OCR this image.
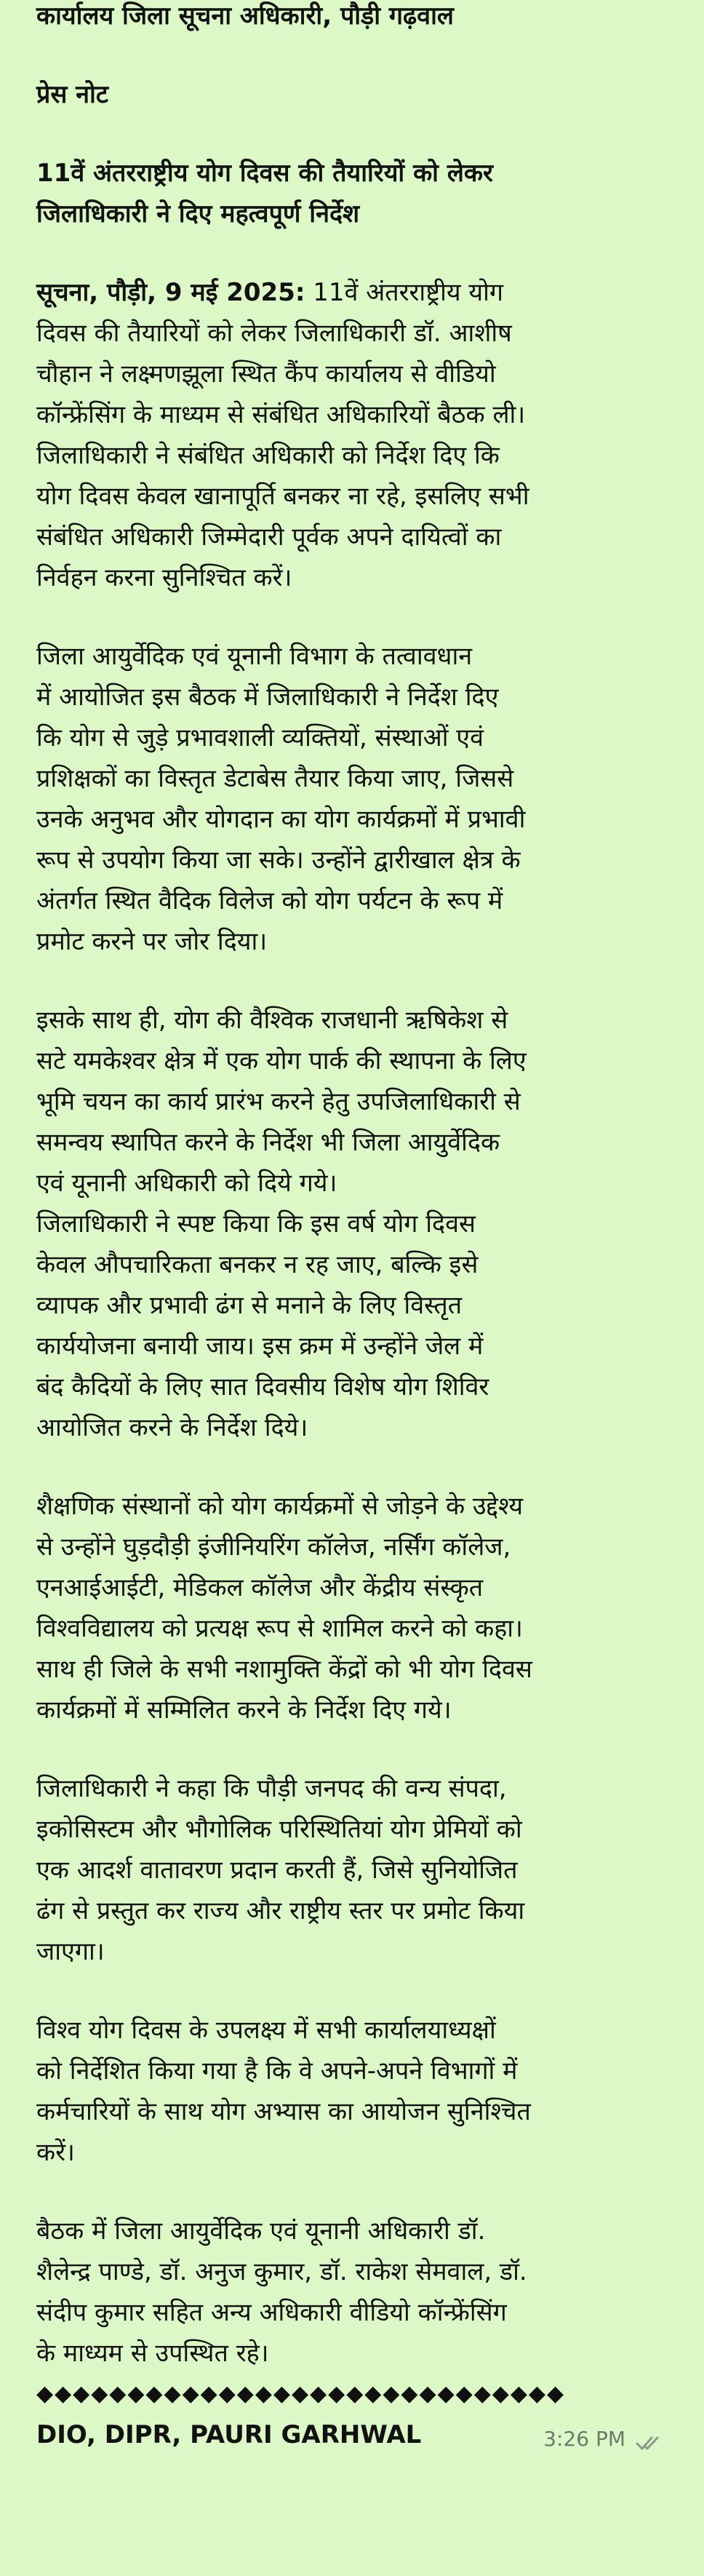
कार्यालय जिला सूचना अधिकारी, पौड़ी गढ़वाल
प्रेस नोट
11वें अंतरराष्ट्रीय योग दिवस की तैयारियों को लेकर
जिलाधिकारी ने दिए महत्वपूर्ण निर्देश
सूचना, पौड़ी, 9 मई 2025: 11वें अंतरराष्ट्रीय योग
दिवस की तैयारियों को लेकर जिलाधिकारी डॉ. आशीष
चौहान ने लक्ष्मणझूला स्थित कैंप कार्यालय से वीडियो
कॉन्फ्रेंसिंग के माध्यम से संबंधित अधिकारियों बैठक ली।
जिलाधिकारी ने संबंधित अधिकारी को निर्देश दिए कि
योग दिवस केवल खानापूर्ति बनकर ना रहे, इसलिए सभी
संबंधित अधिकारी जिम्मेदारी पूर्वक अपने दायित्वों का
निर्वहन करना सुनिश्चित करें।
जिला आयुर्वेदिक एवं यूनानी विभाग के तत्वावधान
में आयोजित इस बैठक में जिलाधिकारी ने निर्देश दिए
कि योग से जुड़े प्रभावशाली व्यक्तियों, संस्थाओं एवं
प्रशिक्षकों का विस्तृत डेटाबेस तैयार किया जाए, जिससे
उनके अनुभव और योगदान का योग कार्यक्रमों में प्रभावी
रूप से उपयोग किया जा सके। उन्होंने द्वारीखाल क्षेत्र के
अंतर्गत स्थित वैदिक विलेज को योग पर्यटन के रूप में
प्रमोट करने पर जोर दिया।
इसके साथ ही, योग की वैश्विक राजधानी ऋषिकेश से
सटे यमकेश्वर क्षेत्र में एक योग पार्क की स्थापना के लिए
भूमि चयन का कार्य प्रारंभ करने हेतु उपजिलाधिकारी से
समन्वय स्थापित करने के निर्देश भी जिला आयुर्वेदिक
एवं यूनानी अधिकारी को दिये गये।
जिलाधिकारी ने स्पष्ट किया कि इस वर्ष योग दिवस
केवल औपचारिकता बनकर न रह जाए, बल्कि इसे
व्यापक और प्रभावी ढंग से मनाने के लिए विस्तृत
कार्ययोजना बनायी जाय। इस क्रम में उन्होंने जेल में
बंद कैदियों के लिए सात दिवसीय विशेष योग शिविर
आयोजित करने के निर्देश दिये।
शैक्षणिक संस्थानों को योग कार्यक्रमों से जोड़ने के उद्देश्य
से उन्होंने घुड़दौड़ी इंजीनियरिंग कॉलेज, नर्सिंग कॉलेज,
एनआईआईटी, मेडिकल कॉलेज और केंद्रीय संस्कृत
विश्वविद्यालय को प्रत्यक्ष रूप से शामिल करने को कहा।
साथ ही जिले के सभी नशामुक्ति केंद्रों को भी योग दिवस
कार्यक्रमों में सम्मिलित करने के निर्देश दिए गये।
जिलाधिकारी ने कहा कि पौड़ी जनपद की वन्य संपदा,
इकोसिस्टम और भौगोलिक परिस्थितियां योग प्रेमियों को
एक आदर्श वातावरण प्रदान करती हैं, जिसे सुनियोजित
ढंग से प्रस्तुत कर राज्य और राष्ट्रीय स्तर पर प्रमोट किया
जाएगा।
विश्व योग दिवस के उपलक्ष्य में सभी कार्यालयाध्यक्षों
को निर्देशित किया गया है कि वे अपने-अपने विभागों में
कर्मचारियों के साथ योग अभ्यास का आयोजन सुनिश्चित
करें।
बैठक में जिला आयुर्वेदिक एवं यूनानी अधिकारी डॉ.
शैलेन्द्र पाण्डे, डॉ. अनुज कुमार, डॉ. राकेश सेमवाल, डॉ.
संदीप कुमार सहित अन्य अधिकारी वीडियो कॉन्फ्रेंसिंग
के माध्यम से उपस्थित रहे।
◆◆◆◆◆◆◆◆◆◆◆◆◆◆◆◆◆◆◆◆◆◆◆◆◆◆◆◆◆
DIO, DIPR, PAURI GARHWAL	3:26 PM
